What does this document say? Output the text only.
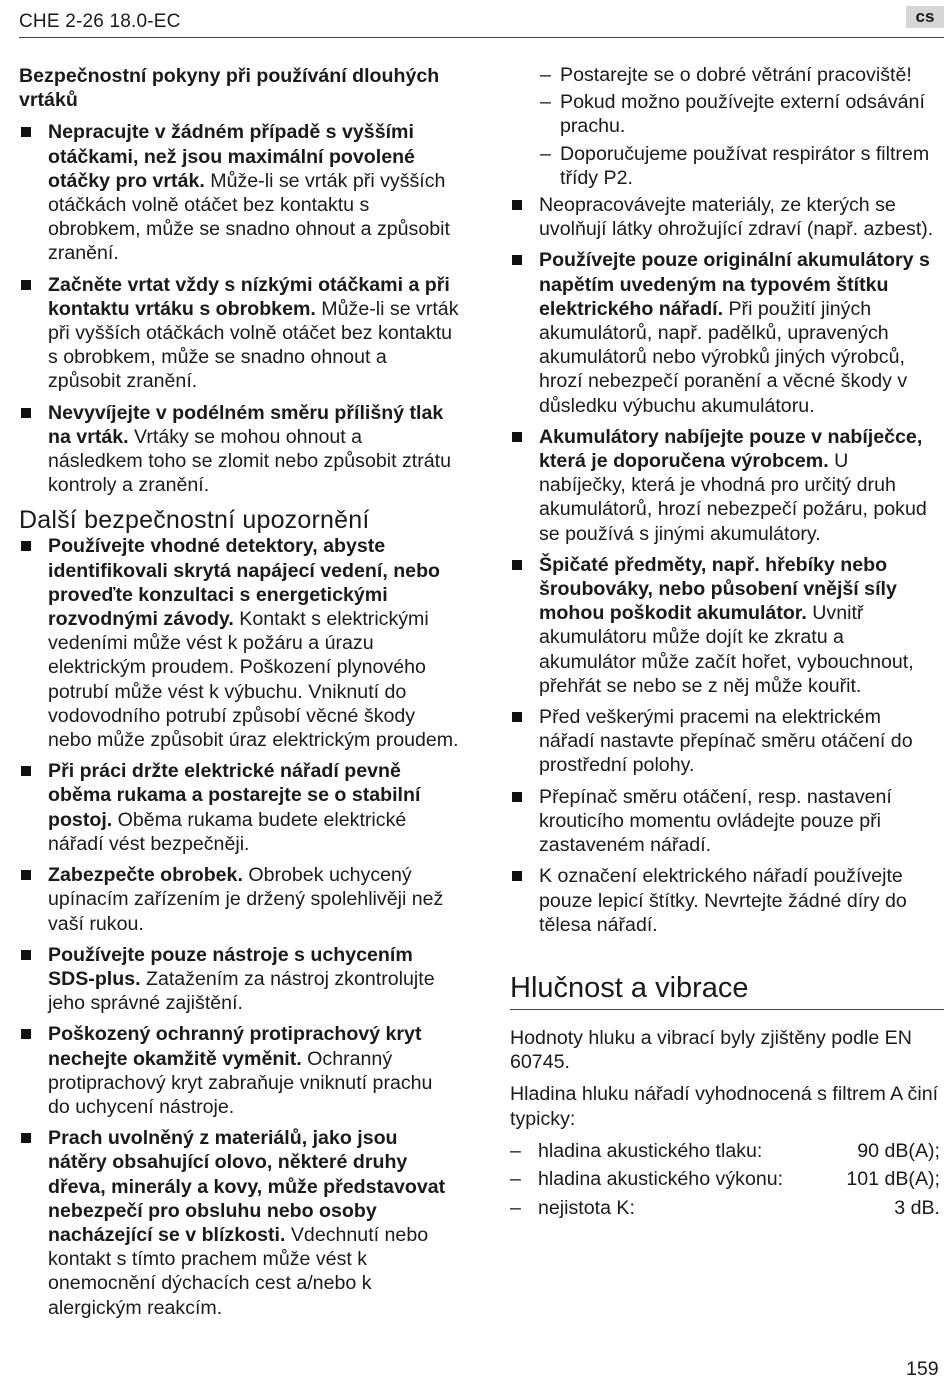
CHE 2-26 18.0-EC	cs
Bezpečnostní pokyny při používání dlouhých vrtáků
Nepracujte v žádném případě s vyššími otáčkami, než jsou maximální povolené otáčky pro vrták. Může-li se vrták při vyšších otáčkách volně otáčet bez kontaktu s obrobkem, může se snadno ohnout a způsobit zranění.
Začněte vrtat vždy s nízkými otáčkami a při kontaktu vrtáku s obrobkem. Může-li se vrták při vyšších otáčkách volně otáčet bez kontaktu s obrobkem, může se snadno ohnout a způsobit zranění.
Nevyvíjejte v podélném směru přílišný tlak na vrták. Vrtáky se mohou ohnout a následkem toho se zlomit nebo způsobit ztrátu kontroly a zranění.
Další bezpečnostní upozornění
Používejte vhodné detektory, abyste identifikovali skrytá napájecí vedení, nebo proveďte konzultaci s energetickými rozvodnými závody. Kontakt s elektrickými vedeními může vést k požáru a úrazu elektrickým proudem. Poškození plynového potrubí může vést k výbuchu. Vniknutí do vodovodního potrubí způsobí věcné škody nebo může způsobit úraz elektrickým proudem.
Při práci držte elektrické nářadí pevně oběma rukama a postarejte se o stabilní postoj. Oběma rukama budete elektrické nářadí vést bezpečněji.
Zabezpečte obrobek. Obrobek uchycený upínacím zařízením je držený spolehlivěji než vaší rukou.
Používejte pouze nástroje s uchycením SDS-plus. Zatažením za nástroj zkontrolujte jeho správné zajištění.
Poškozený ochranný protiprachový kryt nechejte okamžitě vyměnit. Ochranný protiprachový kryt zabraňuje vniknutí prachu do uchycení nástroje.
Prach uvolněný z materiálů, jako jsou nátěry obsahující olovo, některé druhy dřeva, minerály a kovy, může představovat nebezpečí pro obsluhu nebo osoby nacházející se v blízkosti. Vdechnutí nebo kontakt s tímto prachem může vést k onemocnění dýchacích cest a/nebo k alergickým reakcím.
– Postarejte se o dobré větrání pracoviště!
– Pokud možno používejte externí odsávání prachu.
– Doporučujeme používat respirátor s filtrem třídy P2.
Neopracovávejte materiály, ze kterých se uvolňují látky ohrožující zdraví (např. azbest).
Používejte pouze originální akumulátory s napětím uvedeným na typovém štítku elektrického nářadí. Při použití jiných akumulátorů, např. padělků, upravených akumulátorů nebo výrobků jiných výrobců, hrozí nebezpečí poranění a věcné škody v důsledku výbuchu akumulátoru.
Akumulátory nabíjejte pouze v nabíječce, která je doporučena výrobcem. U nabíječky, která je vhodná pro určitý druh akumulátorů, hrozí nebezpečí požáru, pokud se používá s jinými akumulátory.
Špičaté předměty, např. hřebíky nebo šroubováky, nebo působení vnější síly mohou poškodit akumulátor. Uvnitř akumulátoru může dojít ke zkratu a akumulátor může začít hořet, vybouchnout, přehřát se nebo se z něj může kouřit.
Před veškerými pracemi na elektrickém nářadí nastavte přepínač směru otáčení do prostřední polohy.
Přepínač směru otáčení, resp. nastavení krouticího momentu ovládejte pouze při zastaveném nářadí.
K označení elektrického nářadí používejte pouze lepicí štítky. Nevrtejte žádné díry do tělesa nářadí.
Hlučnost a vibrace
Hodnoty hluku a vibrací byly zjištěny podle EN 60745.
Hladina hluku nářadí vyhodnocená s filtrem A činí typicky:
– hladina akustického tlaku:	90 dB(A);
– hladina akustického výkonu:	101 dB(A);
– nejistota K:	3 dB.
159
